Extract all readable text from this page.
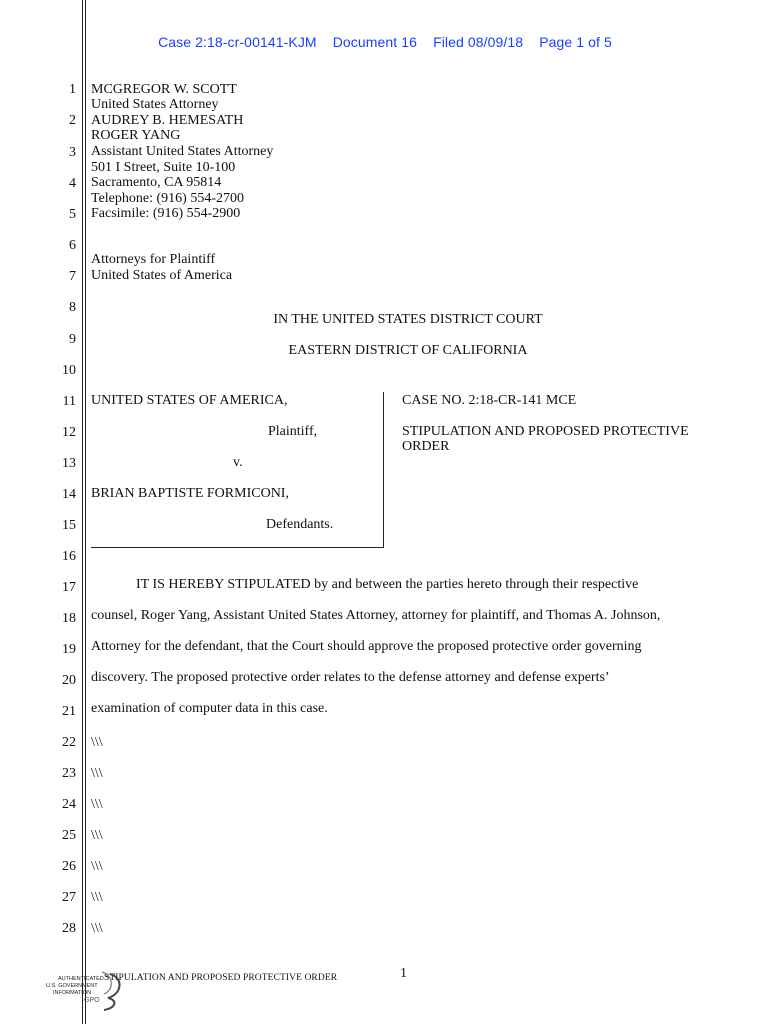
Case 2:18-cr-00141-KJM Document 16 Filed 08/09/18 Page 1 of 5
1
2
3
4
5
6
7
8
9
10
11
12
13
14
15
16
17
18
19
20
21
22
23
24
25
26
27
28
MCGREGOR W. SCOTT
United States Attorney
AUDREY B. HEMESATH
ROGER YANG
Assistant United States Attorney
501 I Street, Suite 10-100
Sacramento, CA 95814
Telephone: (916) 554-2700
Facsimile: (916) 554-2900
Attorneys for Plaintiff
United States of America
IN THE UNITED STATES DISTRICT COURT
EASTERN DISTRICT OF CALIFORNIA
UNITED STATES OF AMERICA,
Plaintiff,
v.
BRIAN BAPTISTE FORMICONI,
Defendants.
CASE NO. 2:18-CR-141 MCE
STIPULATION AND PROPOSED PROTECTIVE
ORDER
IT IS HEREBY STIPULATED by and between the parties hereto through their respective
counsel, Roger Yang, Assistant United States Attorney, attorney for plaintiff, and Thomas A. Johnson,
Attorney for the defendant, that the Court should approve the proposed protective order governing
discovery. The proposed protective order relates to the defense attorney and defense experts’
examination of computer data in this case.
\\\
\\\
\\\
\\\
\\\
\\\
\\\
1
STIPULATION AND PROPOSED PROTECTIVE ORDER
AUTHENTICATED
U.S. GOVERNMENT
INFORMATION
GPO
